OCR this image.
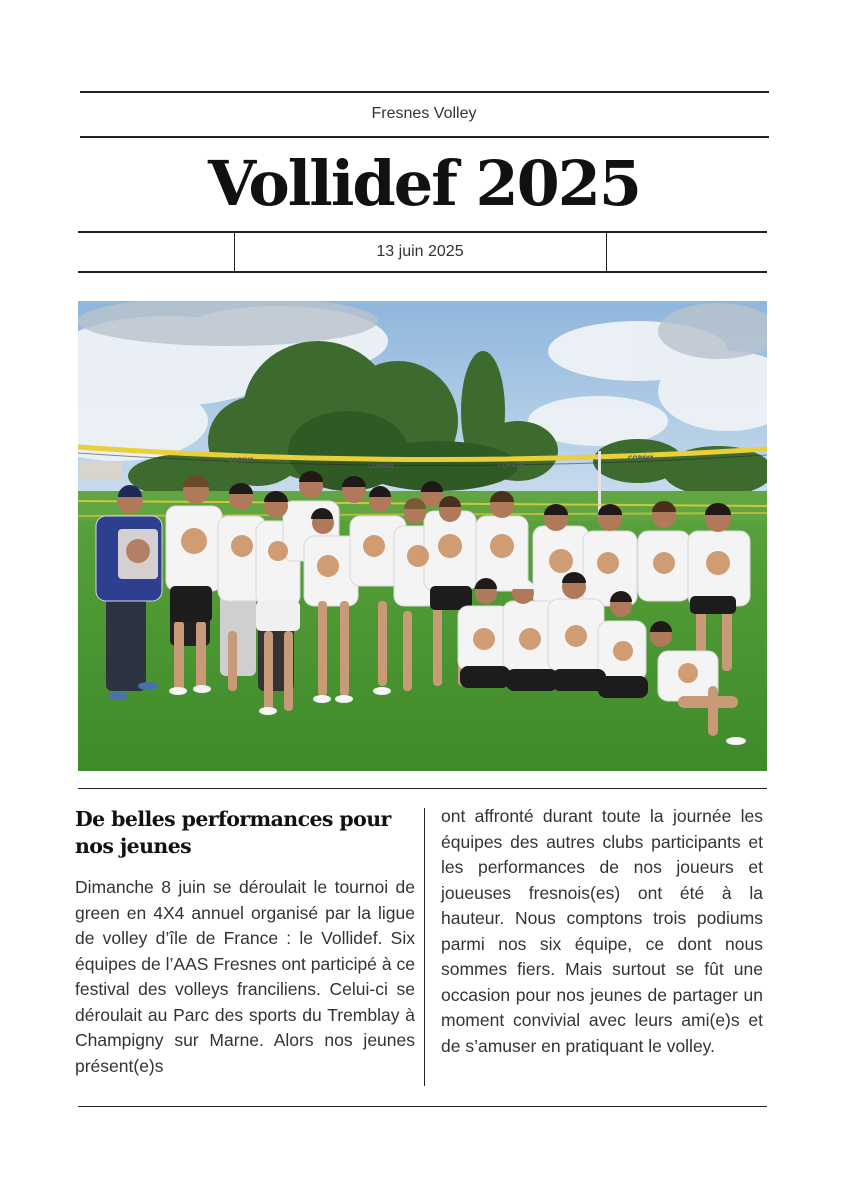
Fresnes Volley
Vollidef 2025
13 juin 2025
COPAYA
COPAYA	COPAYA
COPAYA
De belles performances pour nos jeunes

Dimanche 8 juin se déroulait le tournoi de green en 4X4 annuel organisé par la ligue de volley d’île de France : le Vollidef. Six équipes de l’AAS Fresnes ont participé à ce festival des volleys franciliens. Celui-ci se déroulait au Parc des sports du Tremblay à Champigny sur Marne. Alors nos jeunes présent(e)s

ont affronté durant toute la journée les équipes des autres clubs participants et les performances de nos joueurs et joueuses fresnois(es) ont été à la hauteur. Nous comptons trois podiums parmi nos six équipe, ce dont nous sommes fiers. Mais surtout se fût une occasion pour nos jeunes de partager un moment convivial avec leurs ami(e)s et de s’amuser en pratiquant le volley.
